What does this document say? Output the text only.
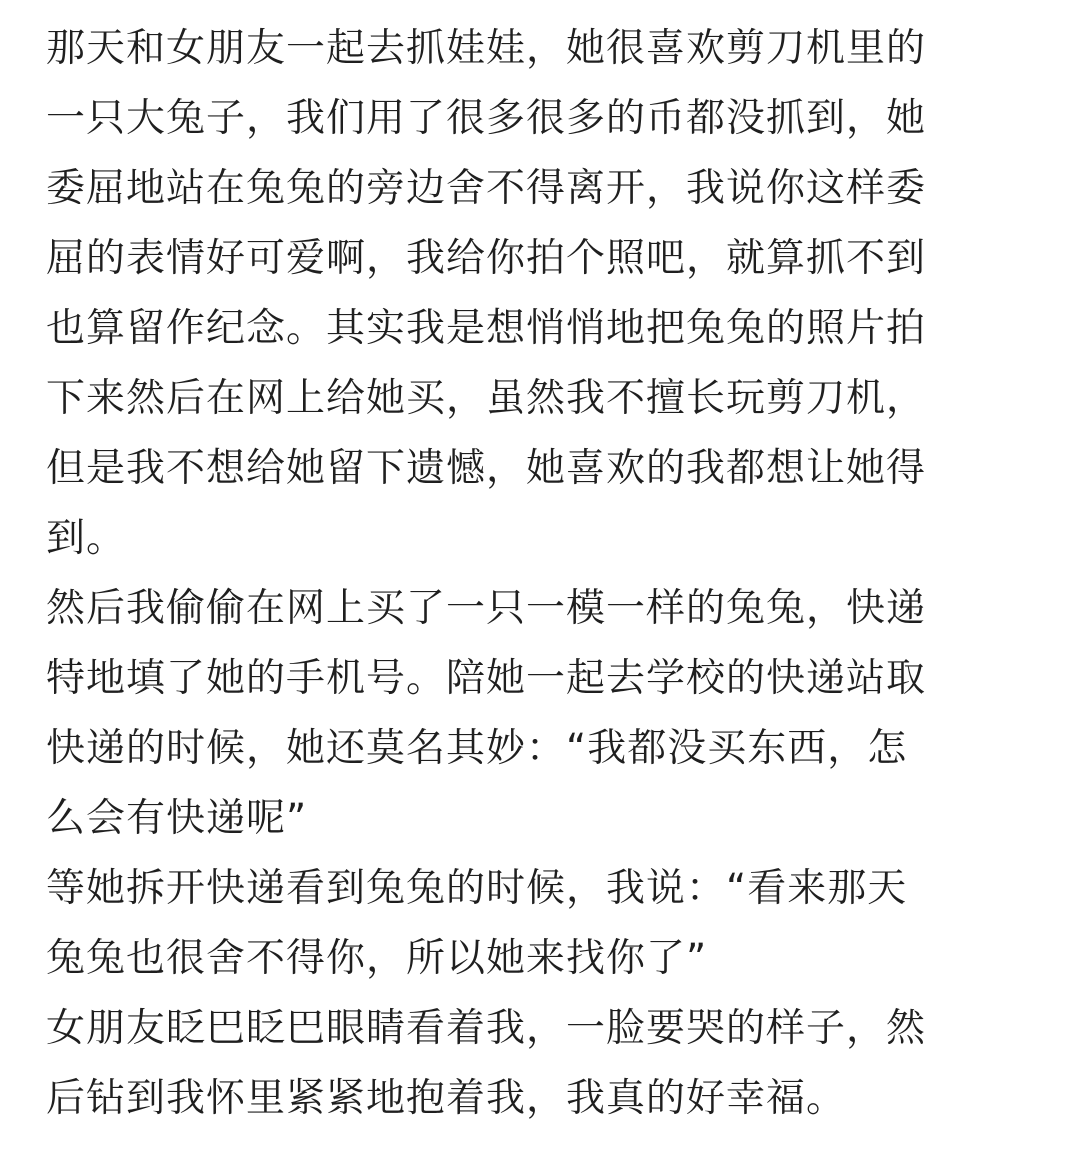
那天和女朋友一起去抓娃娃，她很喜欢剪刀机里的
一只大兔子，我们用了很多很多的币都没抓到，她
委屈地站在兔兔的旁边舍不得离开，我说你这样委
屈的表情好可爱啊，我给你拍个照吧，就算抓不到
也算留作纪念。其实我是想悄悄地把兔兔的照片拍
下来然后在网上给她买，虽然我不擅长玩剪刀机，
但是我不想给她留下遗憾，她喜欢的我都想让她得
到。
然后我偷偷在网上买了一只一模一样的兔兔，快递
特地填了她的手机号。陪她一起去学校的快递站取
快递的时候，她还莫名其妙：“我都没买东西，怎
么会有快递呢”
等她拆开快递看到兔兔的时候，我说：“看来那天
兔兔也很舍不得你，所以她来找你了”
女朋友眨巴眨巴眼睛看着我，一脸要哭的样子，然
后钻到我怀里紧紧地抱着我，我真的好幸福。
